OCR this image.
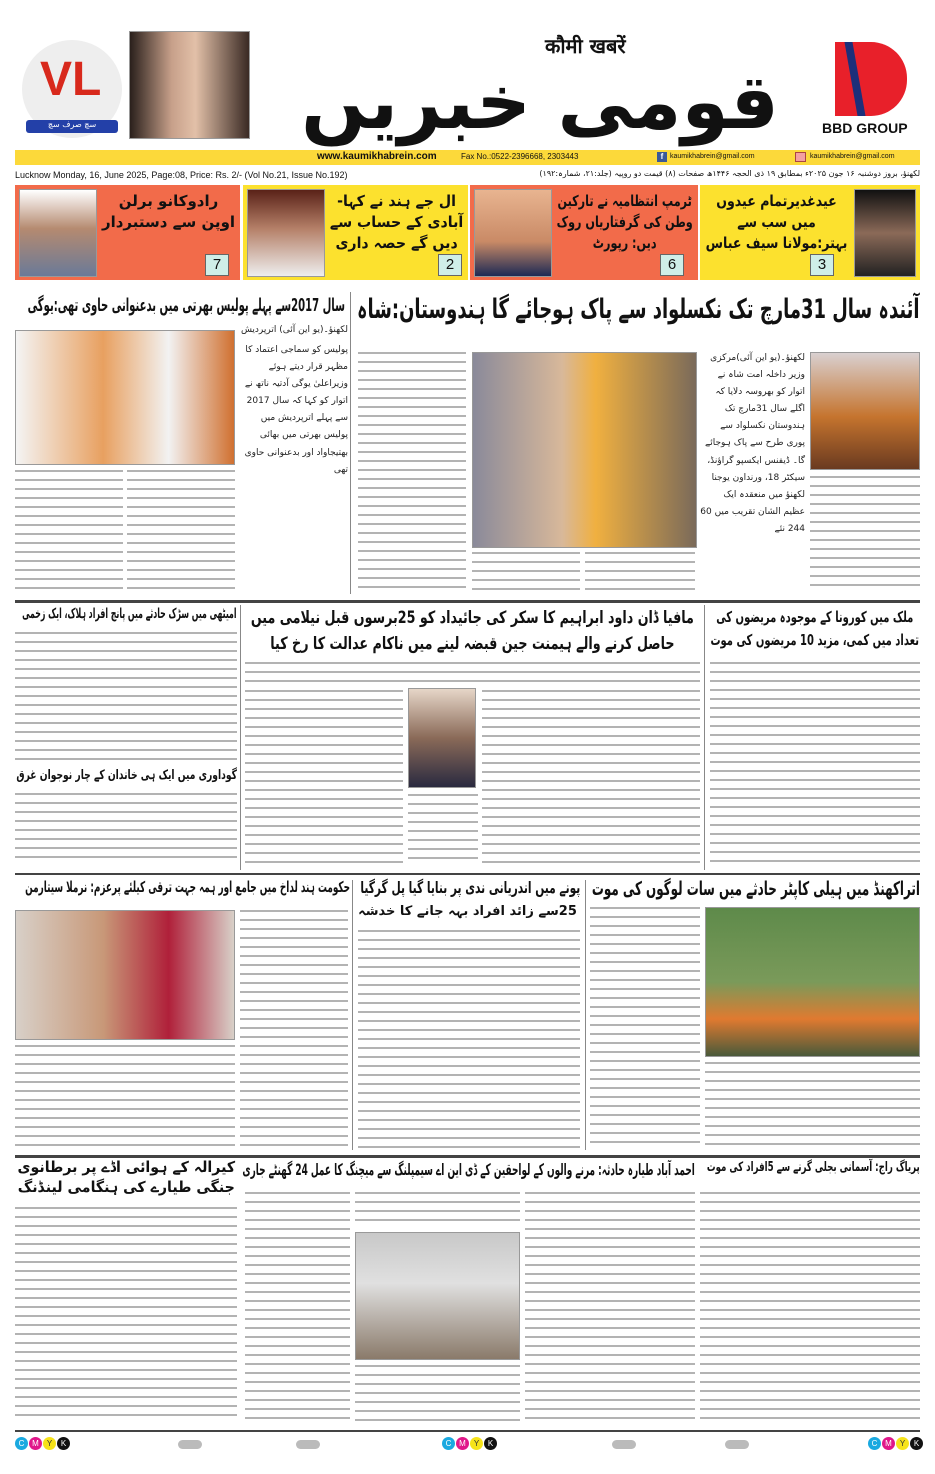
VL
سچ صرف سچ
कौमी खबरें
قومی خبریں	BBD GROUP
www.kaumikhabrein.com	Fax No.:0522-2396668, 2303443	f kaumikhabrein@gmail.com	kaumikhabrein@gmail.com
Lucknow Monday, 16, June 2025, Page:08, Price: Rs. 2/- (Vol No.21, Issue No.192)	لکھنؤ، بروز دوشنبہ ۱۶ جون ۲۰۲۵ء بمطابق ۱۹ ذی الحجہ ۱۴۴۶ھ صفحات (۸) قیمت دو روپیہ (جلد:۲۱، شمارہ:۱۹۲)
عیدغدیرتمام عیدوں میں سب سے بہتر:مولانا سیف عباس
3
ٹرمپ انتظامیہ نے تارکین وطن کی گرفتاریاں روک دیں: رپورٹ
6
ال جے ہند نے کہا- آبادی کے حساب سے دیں گے حصہ داری
2
رادوکانو برلن اوپن سے دستبردار
7
آئندہ سال 31مارچ تک نکسلواد سے پاک ہوجائے گا ہندوستان:شاہ
سال 2017سے پہلے پولیس بھرتی میں بدعنوانی حاوی تھی:یوگی
لکھنؤ۔(یو این آئی)مرکزی وزیر داخلہ امت شاہ نے اتوار کو بھروسہ دلایا کہ اگلے سال 31مارچ تک ہندوستان نکسلواد سے پوری طرح سے پاک ہوجائے گا۔ ڈیفنس ایکسپو گراؤنڈ، سیکٹر 18، ورنداون یوجنا لکھنؤ میں منعقدہ ایک عظیم الشان تقریب میں 60 244 نئے
لکھنؤ۔(یو این آئی) اترپردیش
پولیس کو سماجی اعتماد کا مظہر قرار دیتے ہوئے وزیراعلیٰ یوگی آدتیہ ناتھ نے اتوار کو کہا کہ سال 2017 سے پہلے اترپردیش میں پولیس بھرتی میں بھائی بھتیجاواد اور بدعنوانی حاوی تھی
ملک میں کورونا کے موجودہ مریضوں کی تعداد میں کمی، مزید 10 مریضوں کی موت
مافیا ڈان داود ابراہیم کا سکر کی جائیداد کو 25برسوں قبل نیلامی میں حاصل کرنے والے ہیمنت جین قبضہ لینے میں ناکام عدالت کا رخ کیا
امیٹھی میں سڑک حادثے میں پانچ افراد ہلاک، ایک زخمی
گوداوری میں ایک ہی خاندان کے چار نوجوان غرق
اتراکھنڈ میں ہیلی کاپٹر حادثے میں سات لوگوں کی موت
پونے میں اندریانی ندی پر بنایا گیا پل گرگیا
25سے زائد افراد بہہ جانے کا خدشہ
حکومت ہند لداخ میں جامع اور ہمہ جہت ترقی کیلئے پرعزم: نرملا سیتارمن
پریاگ راج: آسمانی بجلی گرنے سے 5افراد کی موت
احمد آباد طیارہ حادثہ: مرنے والوں کے لواحقین کے ڈی این اے سیمپلنگ سے میچنگ کا عمل 24 گھنٹے جاری
کیرالہ کے ہوائی اڈے پر برطانوی جنگی طیارے کی ہنگامی لینڈنگ
C M	Y	K	C M	Y	K	C M	Y	K
